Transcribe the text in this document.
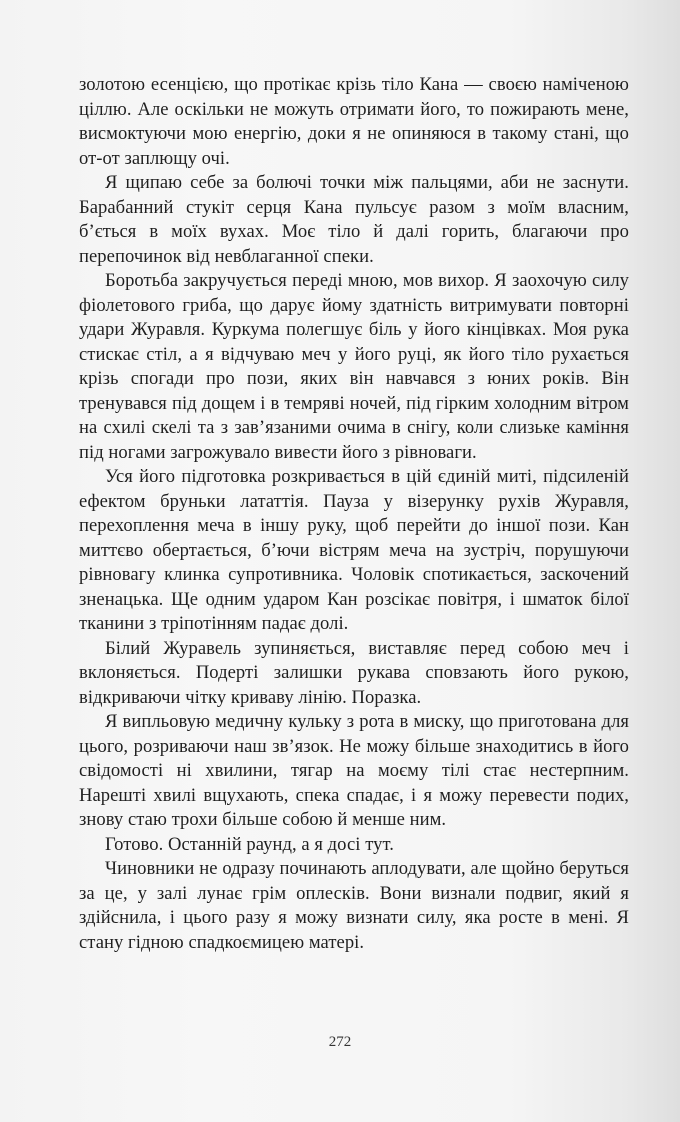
золотою есенцією, що протікає крізь тіло Кана — своєю наміченою ціллю. Але оскільки не можуть отримати його, то пожирають мене, висмоктуючи мою енергію, доки я не опиняюся в такому стані, що от-от заплющу очі.

Я щипаю себе за болючі точки між пальцями, аби не заснути. Барабанний стукіт серця Кана пульсує разом з моїм власним, б’ється в моїх вухах. Моє тіло й далі горить, благаючи про перепочинок від невблаганної спеки.

Боротьба закручується переді мною, мов вихор. Я заохочую силу фіолетового гриба, що дарує йому здатність витримувати повторні удари Журавля. Куркума полегшує біль у його кінцівках. Моя рука стискає стіл, а я відчуваю меч у його руці, як його тіло рухається крізь спогади про пози, яких він навчався з юних років. Він тренувався під дощем і в темряві ночей, під гірким холодним вітром на схилі скелі та з зав’язаними очима в снігу, коли слизьке каміння під ногами загрожувало вивести його з рівноваги.

Уся його підготовка розкривається в цій єдиній миті, підсиленій ефектом бруньки лататтія. Пауза у візерунку рухів Журавля, перехоплення меча в іншу руку, щоб перейти до іншої пози. Кан миттєво обертається, б’ючи вістрям меча на зустріч, порушуючи рівновагу клинка супротивника. Чоловік спотикається, заскочений зненацька. Ще одним ударом Кан розсікає повітря, і шматок білої тканини з тріпотінням падає долі.

Білий Журавель зупиняється, виставляє перед собою меч і вклоняється. Подерті залишки рукава сповзають його рукою, відкриваючи чітку криваву лінію. Поразка.

Я випльовую медичну кульку з рота в миску, що приготована для цього, розриваючи наш зв’язок. Не можу більше знаходитись в його свідомості ні хвилини, тягар на моєму тілі стає нестерпним. Нарешті хвилі вщухають, спека спадає, і я можу перевести подих, знову стаю трохи більше собою й менше ним.

Готово. Останній раунд, а я досі тут.

Чиновники не одразу починають аплодувати, але щойно беруться за це, у залі лунає грім оплесків. Вони визнали подвиг, який я здійснила, і цього разу я можу визнати силу, яка росте в мені. Я стану гідною спадкоємицею матері.

272
